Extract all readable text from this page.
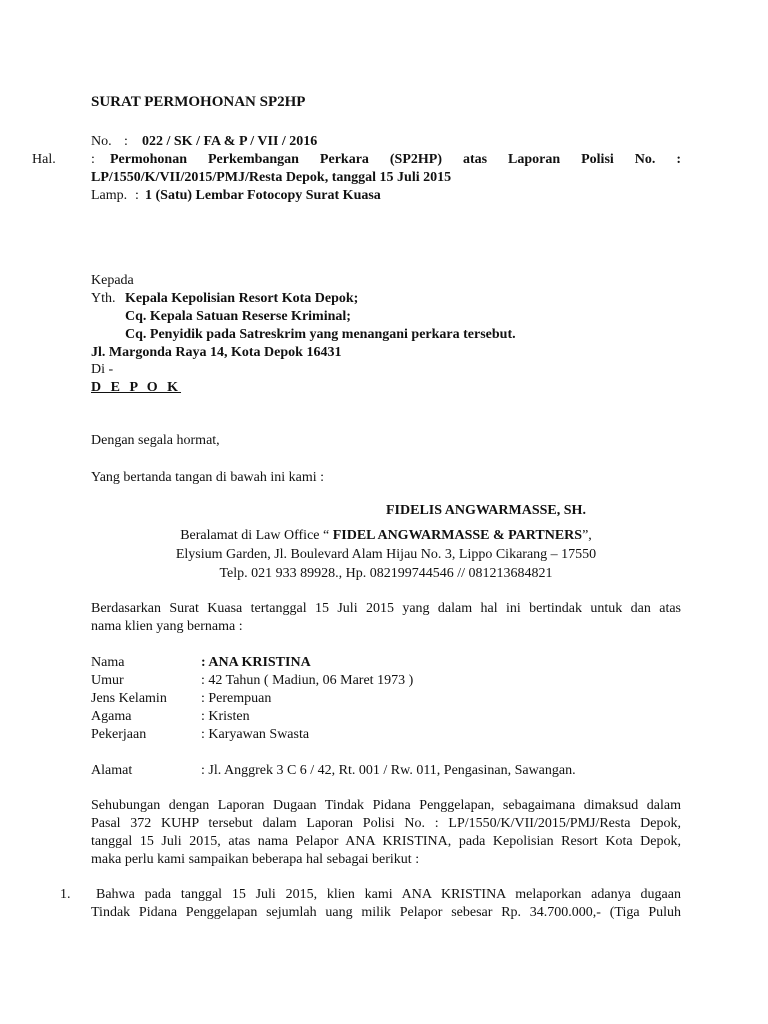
SURAT PERMOHONAN SP2HP
No. : 022 / SK / FA & P / VII / 2016
Hal.	: Permohonan Perkembangan Perkara (SP2HP) atas Laporan Polisi No. :
LP/1550/K/VII/2015/PMJ/Resta Depok, tanggal 15 Juli 2015
Lamp. : 1 (Satu) Lembar Fotocopy Surat Kuasa
Kepada
Yth. Kepala Kepolisian Resort Kota Depok;
Cq. Kepala Satuan Reserse Kriminal;
Cq. Penyidik pada Satreskrim yang menangani perkara tersebut.
Jl. Margonda Raya 14, Kota Depok 16431
Di -
D E P O K
Dengan segala hormat,
Yang bertanda tangan di bawah ini kami :
FIDELIS ANGWARMASSE, SH.
Beralamat di Law Office “ FIDEL ANGWARMASSE & PARTNERS”,
Elysium Garden, Jl. Boulevard Alam Hijau No. 3, Lippo Cikarang – 17550
Telp. 021 933 89928., Hp. 082199744546 // 081213684821
Berdasarkan Surat Kuasa tertanggal 15 Juli 2015 yang dalam hal ini bertindak untuk dan atas
nama klien yang bernama :
Nama	: ANA KRISTINA
Umur	: 42 Tahun ( Madiun, 06 Maret 1973 )
Jens Kelamin : Perempuan
Agama	: Kristen
Pekerjaan	: Karyawan Swasta
Alamat	: Jl. Anggrek 3 C 6 / 42, Rt. 001 / Rw. 011, Pengasinan, Sawangan.
Sehubungan dengan Laporan Dugaan Tindak Pidana Penggelapan, sebagaimana dimaksud dalam
Pasal 372 KUHP tersebut dalam Laporan Polisi No. : LP/1550/K/VII/2015/PMJ/Resta Depok,
tanggal 15 Juli 2015, atas nama Pelapor ANA KRISTINA, pada Kepolisian Resort Kota Depok,
maka perlu kami sampaikan beberapa hal sebagai berikut :
1. Bahwa pada tanggal 15 Juli 2015, klien kami ANA KRISTINA melaporkan adanya dugaan
Tindak Pidana Penggelapan sejumlah uang milik Pelapor sebesar Rp. 34.700.000,- (Tiga Puluh
